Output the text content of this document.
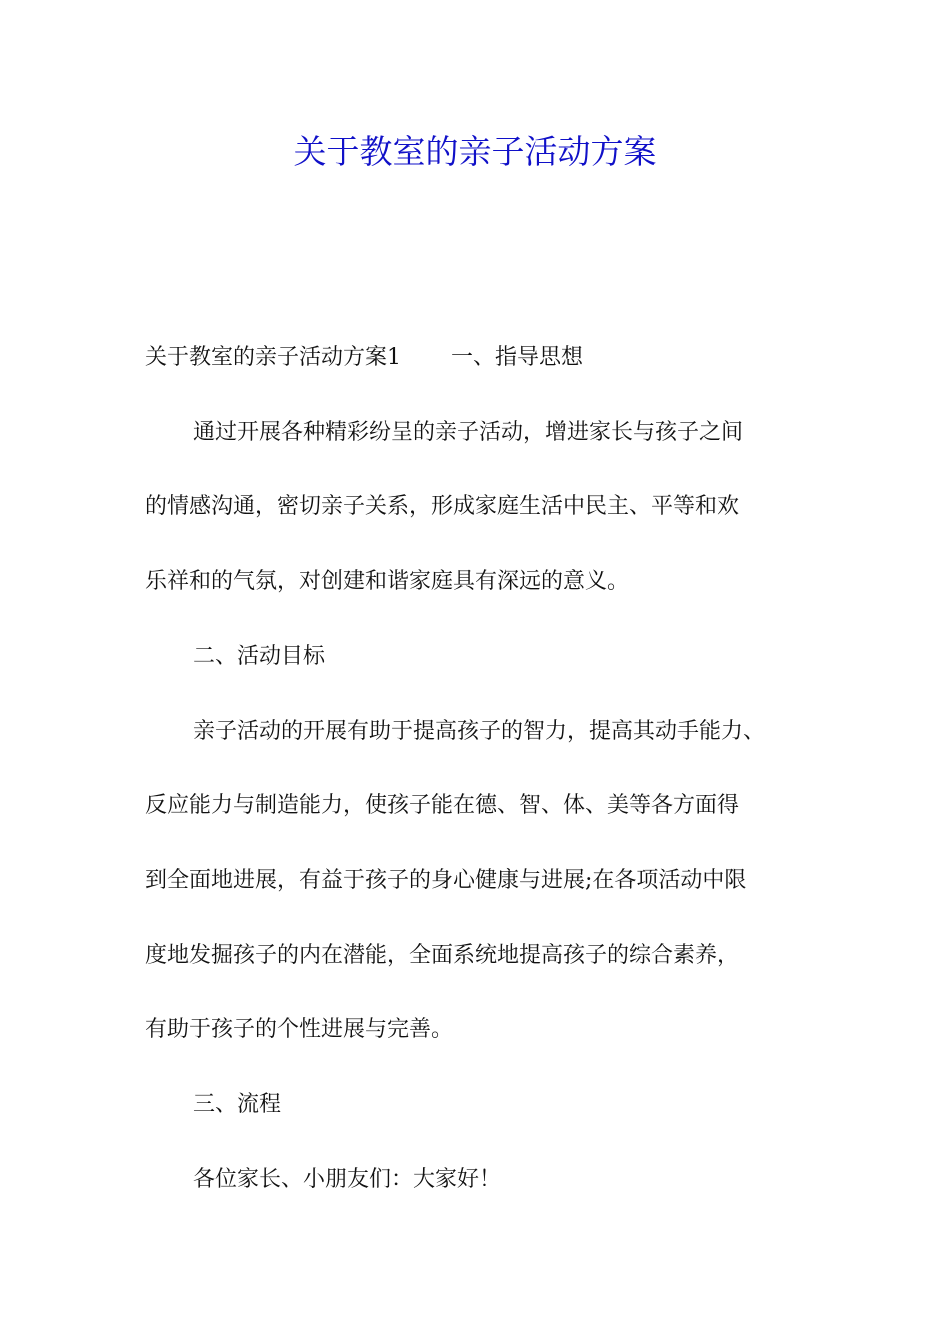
关于教室的亲子活动方案
关于教室的亲子活动方案1 一、指导思想
通过开展各种精彩纷呈的亲子活动，增进家长与孩子之间
的情感沟通，密切亲子关系，形成家庭生活中民主、平等和欢
乐祥和的气氛，对创建和谐家庭具有深远的意义。
二、活动目标
亲子活动的开展有助于提高孩子的智力，提高其动手能力、
反应能力与制造能力，使孩子能在德、智、体、美等各方面得
到全面地进展，有益于孩子的身心健康与进展;在各项活动中限
度地发掘孩子的内在潜能，全面系统地提高孩子的综合素养，
有助于孩子的个性进展与完善。
三、流程
各位家长、小朋友们：大家好！
